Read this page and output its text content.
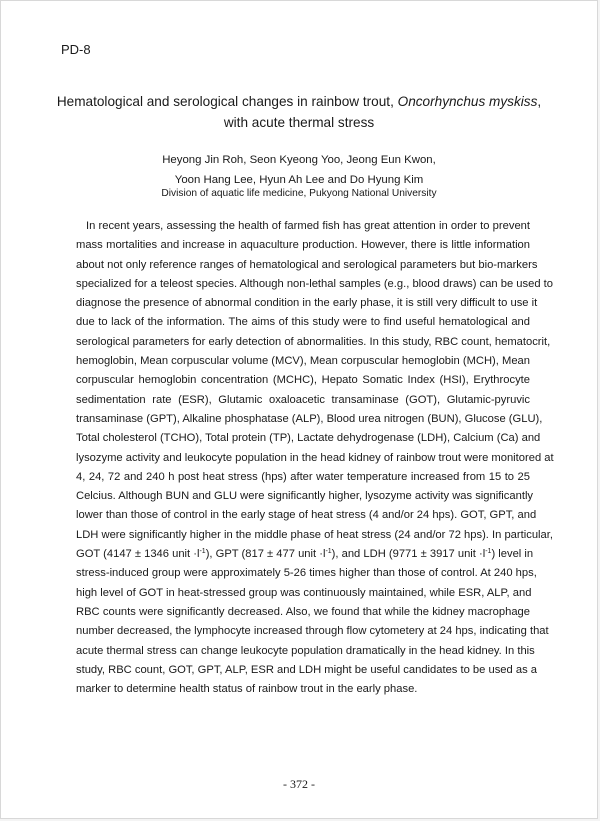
PD-8
Hematological and serological changes in rainbow trout, Oncorhynchus myskiss,
with acute thermal stress
Heyong Jin Roh, Seon Kyeong Yoo, Jeong Eun Kwon,
Yoon Hang Lee, Hyun Ah Lee and Do Hyung Kim
Division of aquatic life medicine, Pukyong National University
In recent years, assessing the health of farmed fish has great attention in order to prevent
mass mortalities and increase in aquaculture production. However, there is little information
about not only reference ranges of hematological and serological parameters but bio-markers
specialized for a teleost species. Although non-lethal samples (e.g., blood draws) can be used to
diagnose the presence of abnormal condition in the early phase, it is still very difficult to use it
due to lack of the information. The aims of this study were to find useful hematological and
serological parameters for early detection of abnormalities. In this study, RBC count, hematocrit,
hemoglobin, Mean corpuscular volume (MCV), Mean corpuscular hemoglobin (MCH), Mean
corpuscular hemoglobin concentration (MCHC), Hepato Somatic Index (HSI), Erythrocyte
sedimentation rate (ESR), Glutamic oxaloacetic transaminase (GOT), Glutamic-pyruvic
transaminase (GPT), Alkaline phosphatase (ALP), Blood urea nitrogen (BUN), Glucose (GLU),
Total cholesterol (TCHO), Total protein (TP), Lactate dehydrogenase (LDH), Calcium (Ca) and
lysozyme activity and leukocyte population in the head kidney of rainbow trout were monitored at
4, 24, 72 and 240 h post heat stress (hps) after water temperature increased from 15 to 25
Celcius. Although BUN and GLU were significantly higher, lysozyme activity was significantly
lower than those of control in the early stage of heat stress (4 and/or 24 hps). GOT, GPT, and
LDH were significantly higher in the middle phase of heat stress (24 and/or 72 hps). In particular,
GOT (4147 ± 1346 unit $\cdot l^{-1}$), GPT (817 ± 477 unit $\cdot l^{-1}$), and LDH (9771 ± 3917 unit $\cdot l^{-1}$) level in
stress-induced group were approximately 5-26 times higher than those of control. At 240 hps,
high level of GOT in heat-stressed group was continuously maintained, while ESR, ALP, and
RBC counts were significantly decreased. Also, we found that while the kidney macrophage
number decreased, the lymphocyte increased through flow cytometery at 24 hps, indicating that
acute thermal stress can change leukocyte population dramatically in the head kidney. In this
study, RBC count, GOT, GPT, ALP, ESR and LDH might be useful candidates to be used as a
marker to determine health status of rainbow trout in the early phase.
- 372 -
